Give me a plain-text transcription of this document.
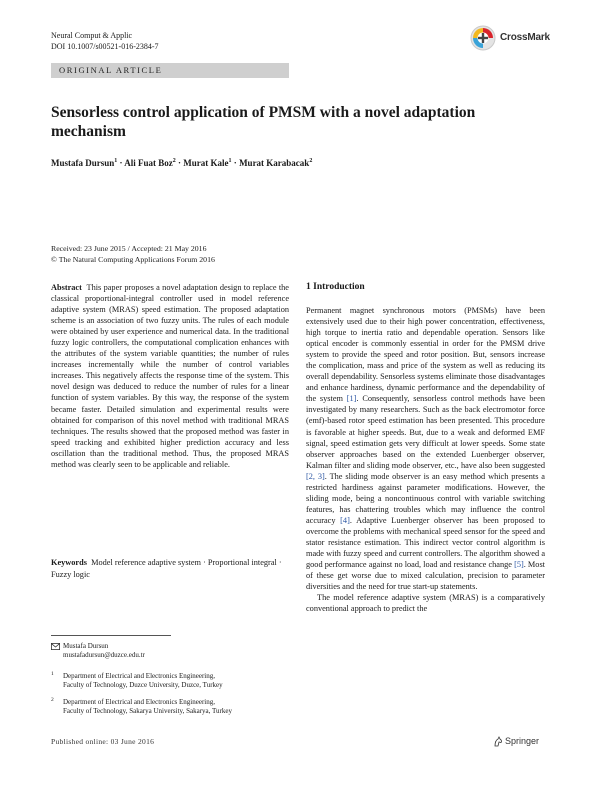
Neural Comput & Applic
DOI 10.1007/s00521-016-2384-7
CrossMark
ORIGINAL ARTICLE
Sensorless control application of PMSM with a novel adaptation mechanism
Mustafa Dursun$^1$ · Ali Fuat Boz$^2$ · Murat Kale$^1$ · Murat Karabacak$^2$
Received: 23 June 2015 / Accepted: 21 May 2016
© The Natural Computing Applications Forum 2016
Abstract This paper proposes a novel adaptation design to replace the classical proportional-integral controller used in model reference adaptive system (MRAS) speed estimation. The proposed adaptation scheme is an association of two fuzzy units. The rules of each module were obtained by user experience and numerical data. In the traditional fuzzy logic controllers, the computational complication enhances with the attributes of the system variable quantities; the number of rules increases incrementally while the number of control variables increases. This negatively affects the response time of the system. This novel design was deduced to reduce the number of rules for a linear function of system variables. By this way, the response of the system became faster. Detailed simulation and experimental results were obtained for comparison of this novel method with traditional MRAS techniques. The results showed that the proposed method was faster in speed tracking and exhibited higher prediction accuracy and less oscillation than the traditional method. Thus, the proposed MRAS method was clearly seen to be applicable and reliable.
Keywords Model reference adaptive system · Proportional integral · Fuzzy logic
Mustafa Dursun
mustafadursun@duzce.edu.tr
1	Department of Electrical and Electronics Engineering,
Faculty of Technology, Duzce University, Duzce, Turkey
2	Department of Electrical and Electronics Engineering,
Faculty of Technology, Sakarya University, Sakarya, Turkey
1 Introduction

Permanent magnet synchronous motors (PMSMs) have been extensively used due to their high power concentration, effectiveness, high torque to inertia ratio and dependable operation. Sensors like optical encoder is commonly essential in order for the PMSM drive system to provide the speed and rotor position. But, sensors increase the complication, mass and price of the system as well as reducing its overall dependability. Sensorless systems eliminate those disadvantages and enhance hardiness, dynamic performance and the dependability of the system [1]. Consequently, sensorless control methods have been investigated by many researchers. Such as the back electromotor force (emf)-based rotor speed estimation has been presented. This procedure is favorable at higher speeds. But, due to a weak and deformed EMF signal, speed estimation gets very difficult at lower speeds. Some state observer approaches based on the extended Luenberger observer, Kalman filter and sliding mode observer, etc., have also been suggested [2, 3]. The sliding mode observer is an easy method which presents a restricted hardiness against parameter modifications. However, the sliding mode, being a noncontinuous control with variable switching features, has chattering troubles which may influence the control accuracy [4]. Adaptive Luenberger observer has been proposed to overcome the problems with mechanical speed sensor for the speed and stator resistance estimation. This indirect vector control algorithm is made with fuzzy speed and current controllers. The algorithm showed a good performance against no load, load and resistance change [5]. Most of these get worse due to mixed calculation, precision to parameter diversities and the need for true start-up statements.

The model reference adaptive system (MRAS) is a comparatively conventional approach to predict the

Published online: 03 June 2016	Springer
